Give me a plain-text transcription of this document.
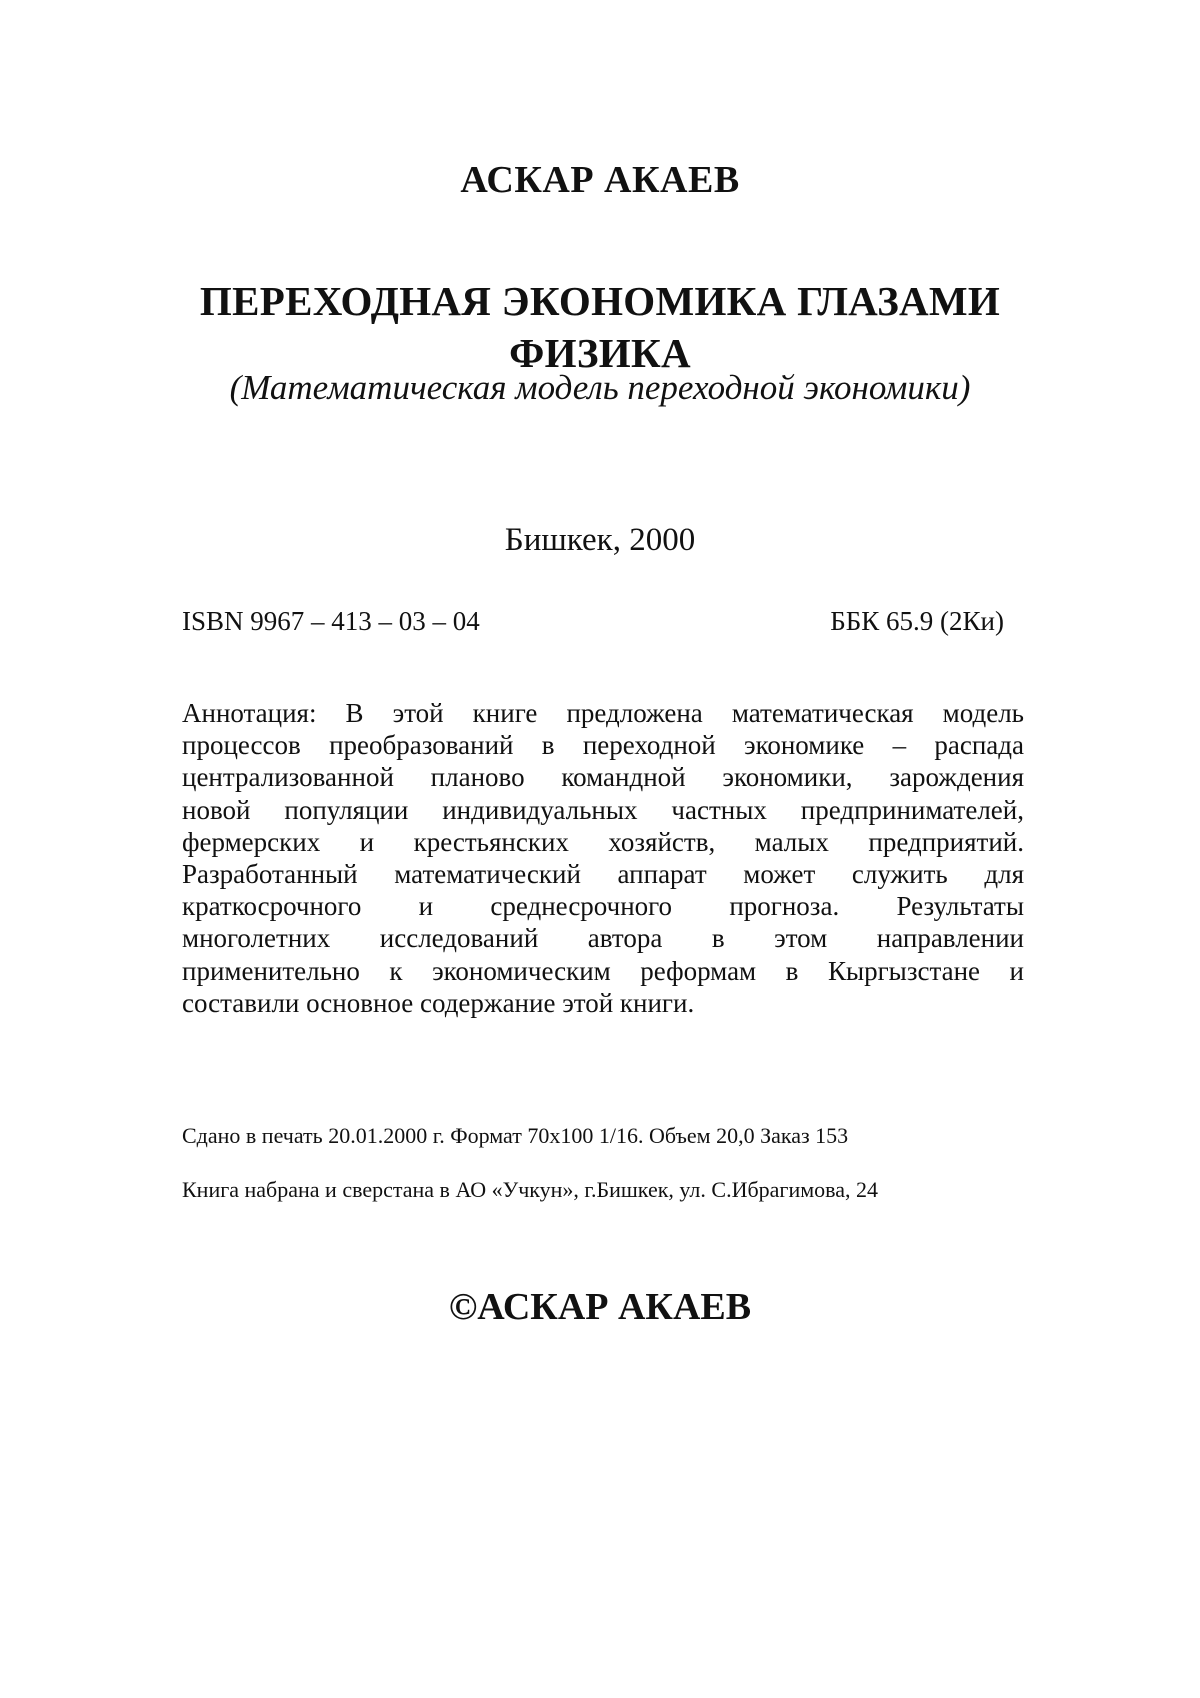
АСКАР АКАЕВ
ПЕРЕХОДНАЯ ЭКОНОМИКА ГЛАЗАМИ
ФИЗИКА
(Математическая модель переходной экономики)
Бишкек, 2000
ISBN 9967 – 413 – 03 – 04	ББК 65.9 (2Ки)
Аннотация: В этой книге предложена математическая модель
процессов преобразований в переходной экономике – распада
централизованной планово командной экономики, зарождения
новой популяции индивидуальных частных предпринимателей,
фермерских и крестьянских хозяйств, малых предприятий.
Разработанный математический аппарат может служить для
краткосрочного и среднесрочного прогноза. Результаты
многолетних исследований автора в этом направлении
применительно к экономическим реформам в Кыргызстане и
составили основное содержание этой книги.
Сдано в печать 20.01.2000 г. Формат 70х100 1/16. Объем 20,0 Заказ 153
Книга набрана и сверстана в АО «Учкун», г.Бишкек, ул. С.Ибрагимова, 24
©АСКАР АКАЕВ
